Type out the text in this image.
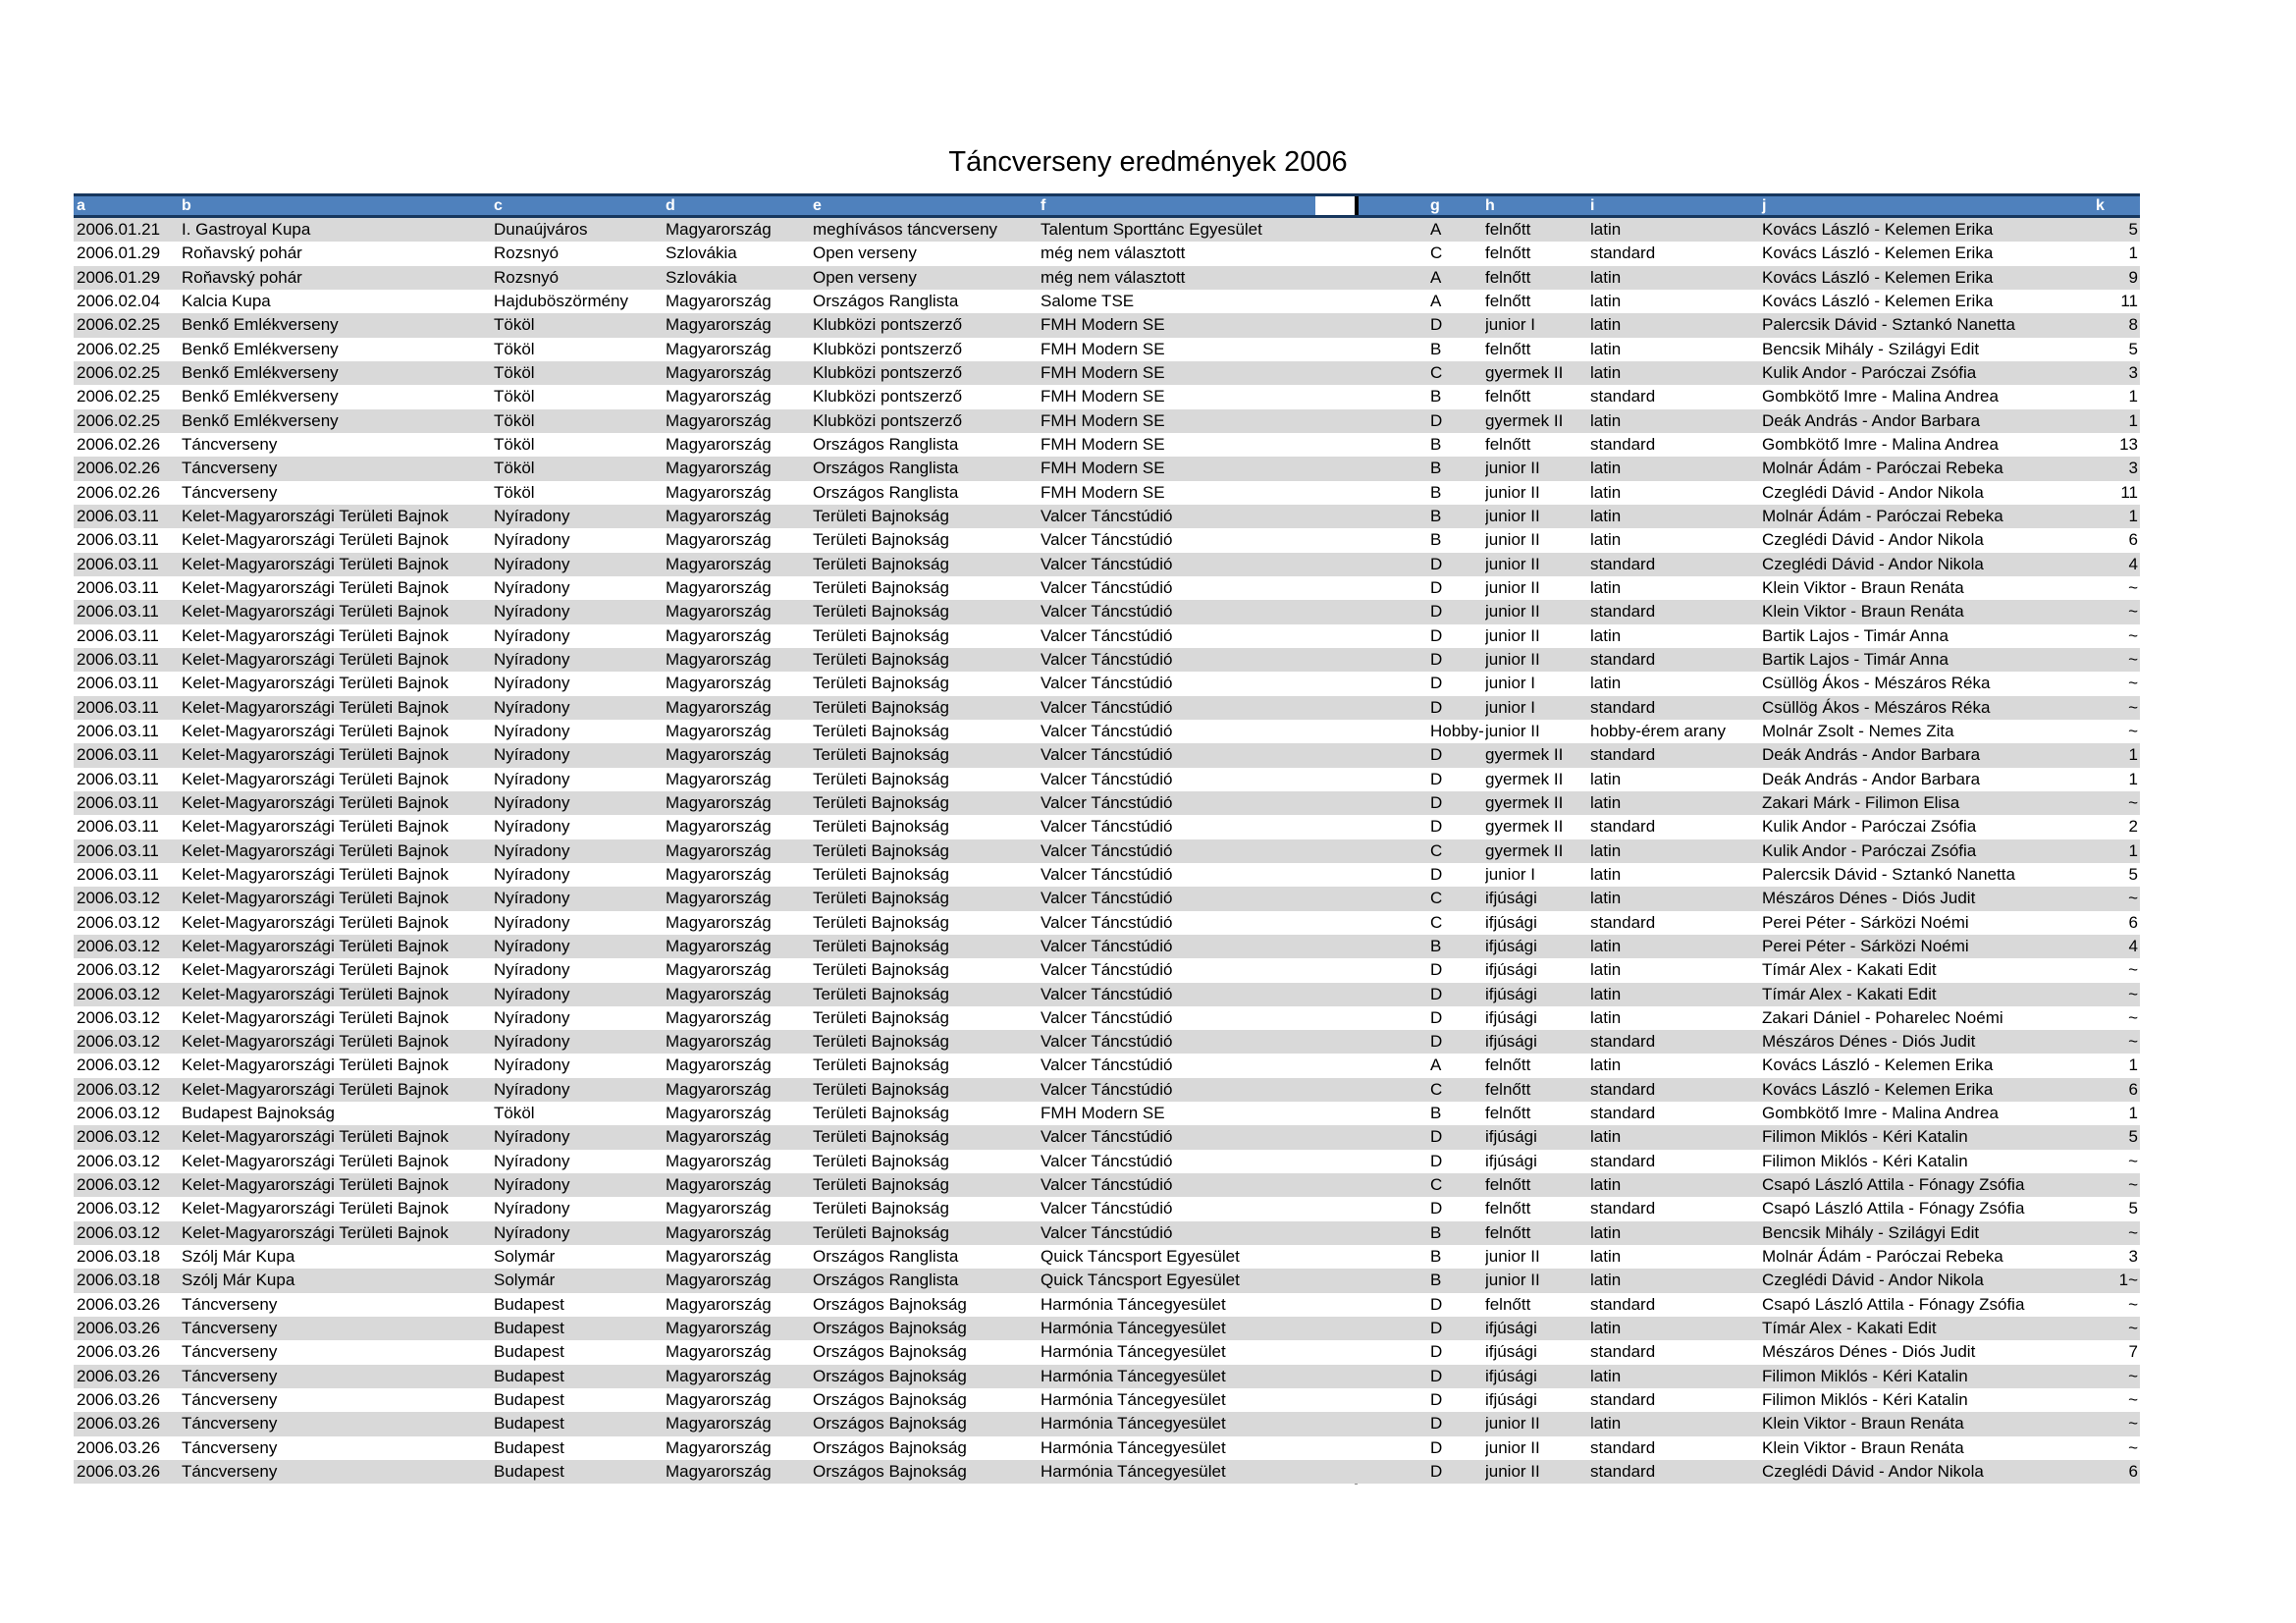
Táncverseny eredmények 2006
a	b	c	d	e	f	g	h	i	j	k
2006.01.21	I. Gastroyal Kupa	Dunaújváros	Magyarország	meghívásos táncverseny	Talentum Sporttánc Egyesület	A	felnőtt	latin	Kovács László - Kelemen Erika	5
2006.01.29	Roňavský pohár	Rozsnyó	Szlovákia	Open verseny	még nem választott	C	felnőtt	standard	Kovács László - Kelemen Erika	1
2006.01.29	Roňavský pohár	Rozsnyó	Szlovákia	Open verseny	még nem választott	A	felnőtt	latin	Kovács László - Kelemen Erika	9
2006.02.04	Kalcia Kupa	Hajduböszörmény	Magyarország	Országos Ranglista	Salome TSE	A	felnőtt	latin	Kovács László - Kelemen Erika	11
2006.02.25	Benkő Emlékverseny	Tököl	Magyarország	Klubközi pontszerző	FMH Modern SE	D	junior I	latin	Palercsik Dávid - Sztankó Nanetta	8
2006.02.25	Benkő Emlékverseny	Tököl	Magyarország	Klubközi pontszerző	FMH Modern SE	B	felnőtt	latin	Bencsik Mihály - Szilágyi Edit	5
2006.02.25	Benkő Emlékverseny	Tököl	Magyarország	Klubközi pontszerző	FMH Modern SE	C	gyermek II	latin	Kulik Andor - Paróczai Zsófia	3
2006.02.25	Benkő Emlékverseny	Tököl	Magyarország	Klubközi pontszerző	FMH Modern SE	B	felnőtt	standard	Gombkötő Imre - Malina Andrea	1
2006.02.25	Benkő Emlékverseny	Tököl	Magyarország	Klubközi pontszerző	FMH Modern SE	D	gyermek II	latin	Deák András - Andor Barbara	1
2006.02.26	Táncverseny	Tököl	Magyarország	Országos Ranglista	FMH Modern SE	B	felnőtt	standard	Gombkötő Imre - Malina Andrea	13
2006.02.26	Táncverseny	Tököl	Magyarország	Országos Ranglista	FMH Modern SE	B	junior II	latin	Molnár Ádám - Paróczai Rebeka	3
2006.02.26	Táncverseny	Tököl	Magyarország	Országos Ranglista	FMH Modern SE	B	junior II	latin	Czeglédi Dávid - Andor Nikola	11
2006.03.11	Kelet-Magyarországi Területi Bajnok	Nyíradony	Magyarország	Területi Bajnokság	Valcer Táncstúdió	B	junior II	latin	Molnár Ádám - Paróczai Rebeka	1
2006.03.11	Kelet-Magyarországi Területi Bajnok	Nyíradony	Magyarország	Területi Bajnokság	Valcer Táncstúdió	B	junior II	latin	Czeglédi Dávid - Andor Nikola	6
2006.03.11	Kelet-Magyarországi Területi Bajnok	Nyíradony	Magyarország	Területi Bajnokság	Valcer Táncstúdió	D	junior II	standard	Czeglédi Dávid - Andor Nikola	4
2006.03.11	Kelet-Magyarországi Területi Bajnok	Nyíradony	Magyarország	Területi Bajnokság	Valcer Táncstúdió	D	junior II	latin	Klein Viktor - Braun Renáta	~
2006.03.11	Kelet-Magyarországi Területi Bajnok	Nyíradony	Magyarország	Területi Bajnokság	Valcer Táncstúdió	D	junior II	standard	Klein Viktor - Braun Renáta	~
2006.03.11	Kelet-Magyarországi Területi Bajnok	Nyíradony	Magyarország	Területi Bajnokság	Valcer Táncstúdió	D	junior II	latin	Bartik Lajos - Timár Anna	~
2006.03.11	Kelet-Magyarországi Területi Bajnok	Nyíradony	Magyarország	Területi Bajnokság	Valcer Táncstúdió	D	junior II	standard	Bartik Lajos - Timár Anna	~
2006.03.11	Kelet-Magyarországi Területi Bajnok	Nyíradony	Magyarország	Területi Bajnokság	Valcer Táncstúdió	D	junior I	latin	Csüllög Ákos - Mészáros Réka	~
2006.03.11	Kelet-Magyarországi Területi Bajnok	Nyíradony	Magyarország	Területi Bajnokság	Valcer Táncstúdió	D	junior I	standard	Csüllög Ákos - Mészáros Réka	~
2006.03.11	Kelet-Magyarországi Területi Bajnok	Nyíradony	Magyarország	Területi Bajnokság	Valcer Táncstúdió	Hobby- junior II	hobby-érem arany	Molnár Zsolt - Nemes Zita	~
2006.03.11	Kelet-Magyarországi Területi Bajnok	Nyíradony	Magyarország	Területi Bajnokság	Valcer Táncstúdió	D	gyermek II	standard	Deák András - Andor Barbara	1
2006.03.11	Kelet-Magyarországi Területi Bajnok	Nyíradony	Magyarország	Területi Bajnokság	Valcer Táncstúdió	D	gyermek II	latin	Deák András - Andor Barbara	1
2006.03.11	Kelet-Magyarországi Területi Bajnok	Nyíradony	Magyarország	Területi Bajnokság	Valcer Táncstúdió	D	gyermek II	latin	Zakari Márk - Filimon Elisa	~
2006.03.11	Kelet-Magyarországi Területi Bajnok	Nyíradony	Magyarország	Területi Bajnokság	Valcer Táncstúdió	D	gyermek II	standard	Kulik Andor - Paróczai Zsófia	2
2006.03.11	Kelet-Magyarországi Területi Bajnok	Nyíradony	Magyarország	Területi Bajnokság	Valcer Táncstúdió	C	gyermek II	latin	Kulik Andor - Paróczai Zsófia	1
2006.03.11	Kelet-Magyarországi Területi Bajnok	Nyíradony	Magyarország	Területi Bajnokság	Valcer Táncstúdió	D	junior I	latin	Palercsik Dávid - Sztankó Nanetta	5
2006.03.12	Kelet-Magyarországi Területi Bajnok	Nyíradony	Magyarország	Területi Bajnokság	Valcer Táncstúdió	C	ifjúsági	latin	Mészáros Dénes - Diós Judit	~
2006.03.12	Kelet-Magyarországi Területi Bajnok	Nyíradony	Magyarország	Területi Bajnokság	Valcer Táncstúdió	C	ifjúsági	standard	Perei Péter - Sárközi Noémi	6
2006.03.12	Kelet-Magyarországi Területi Bajnok	Nyíradony	Magyarország	Területi Bajnokság	Valcer Táncstúdió	B	ifjúsági	latin	Perei Péter - Sárközi Noémi	4
2006.03.12	Kelet-Magyarországi Területi Bajnok	Nyíradony	Magyarország	Területi Bajnokság	Valcer Táncstúdió	D	ifjúsági	latin	Tímár Alex - Kakati Edit	~
2006.03.12	Kelet-Magyarországi Területi Bajnok	Nyíradony	Magyarország	Területi Bajnokság	Valcer Táncstúdió	D	ifjúsági	latin	Tímár Alex - Kakati Edit	~
2006.03.12	Kelet-Magyarországi Területi Bajnok	Nyíradony	Magyarország	Területi Bajnokság	Valcer Táncstúdió	D	ifjúsági	latin	Zakari Dániel - Poharelec Noémi	~
2006.03.12	Kelet-Magyarországi Területi Bajnok	Nyíradony	Magyarország	Területi Bajnokság	Valcer Táncstúdió	D	ifjúsági	standard	Mészáros Dénes - Diós Judit	~
2006.03.12	Kelet-Magyarországi Területi Bajnok	Nyíradony	Magyarország	Területi Bajnokság	Valcer Táncstúdió	A	felnőtt	latin	Kovács László - Kelemen Erika	1
2006.03.12	Kelet-Magyarországi Területi Bajnok	Nyíradony	Magyarország	Területi Bajnokság	Valcer Táncstúdió	C	felnőtt	standard	Kovács László - Kelemen Erika	6
2006.03.12	Budapest Bajnokság	Tököl	Magyarország	Területi Bajnokság	FMH Modern SE	B	felnőtt	standard	Gombkötő Imre - Malina Andrea	1
2006.03.12	Kelet-Magyarországi Területi Bajnok	Nyíradony	Magyarország	Területi Bajnokság	Valcer Táncstúdió	D	ifjúsági	latin	Filimon Miklós - Kéri Katalin	5
2006.03.12	Kelet-Magyarországi Területi Bajnok	Nyíradony	Magyarország	Területi Bajnokság	Valcer Táncstúdió	D	ifjúsági	standard	Filimon Miklós - Kéri Katalin	~
2006.03.12	Kelet-Magyarországi Területi Bajnok	Nyíradony	Magyarország	Területi Bajnokság	Valcer Táncstúdió	C	felnőtt	latin	Csapó László Attila - Fónagy Zsófia	~
2006.03.12	Kelet-Magyarországi Területi Bajnok	Nyíradony	Magyarország	Területi Bajnokság	Valcer Táncstúdió	D	felnőtt	standard	Csapó László Attila - Fónagy Zsófia	5
2006.03.12	Kelet-Magyarországi Területi Bajnok	Nyíradony	Magyarország	Területi Bajnokság	Valcer Táncstúdió	B	felnőtt	latin	Bencsik Mihály - Szilágyi Edit	~
2006.03.18	Szólj Már Kupa	Solymár	Magyarország	Országos Ranglista	Quick Táncsport Egyesület	B	junior II	latin	Molnár Ádám - Paróczai Rebeka	3
2006.03.18	Szólj Már Kupa	Solymár	Magyarország	Országos Ranglista	Quick Táncsport Egyesület	B	junior II	latin	Czeglédi Dávid - Andor Nikola	1~
2006.03.26	Táncverseny	Budapest	Magyarország	Országos Bajnokság	Harmónia Táncegyesület	D	felnőtt	standard	Csapó László Attila - Fónagy Zsófia	~
2006.03.26	Táncverseny	Budapest	Magyarország	Országos Bajnokság	Harmónia Táncegyesület	D	ifjúsági	latin	Tímár Alex - Kakati Edit	~
2006.03.26	Táncverseny	Budapest	Magyarország	Országos Bajnokság	Harmónia Táncegyesület	D	ifjúsági	standard	Mészáros Dénes - Diós Judit	7
2006.03.26	Táncverseny	Budapest	Magyarország	Országos Bajnokság	Harmónia Táncegyesület	D	ifjúsági	latin	Filimon Miklós - Kéri Katalin	~
2006.03.26	Táncverseny	Budapest	Magyarország	Országos Bajnokság	Harmónia Táncegyesület	D	ifjúsági	standard	Filimon Miklós - Kéri Katalin	~
2006.03.26	Táncverseny	Budapest	Magyarország	Országos Bajnokság	Harmónia Táncegyesület	D	junior II	latin	Klein Viktor - Braun Renáta	~
2006.03.26	Táncverseny	Budapest	Magyarország	Országos Bajnokság	Harmónia Táncegyesület	D	junior II	standard	Klein Viktor - Braun Renáta	~
2006.03.26	Táncverseny	Budapest	Magyarország	Országos Bajnokság	Harmónia Táncegyesület	D	junior II	standard	Czeglédi Dávid - Andor Nikola	6
